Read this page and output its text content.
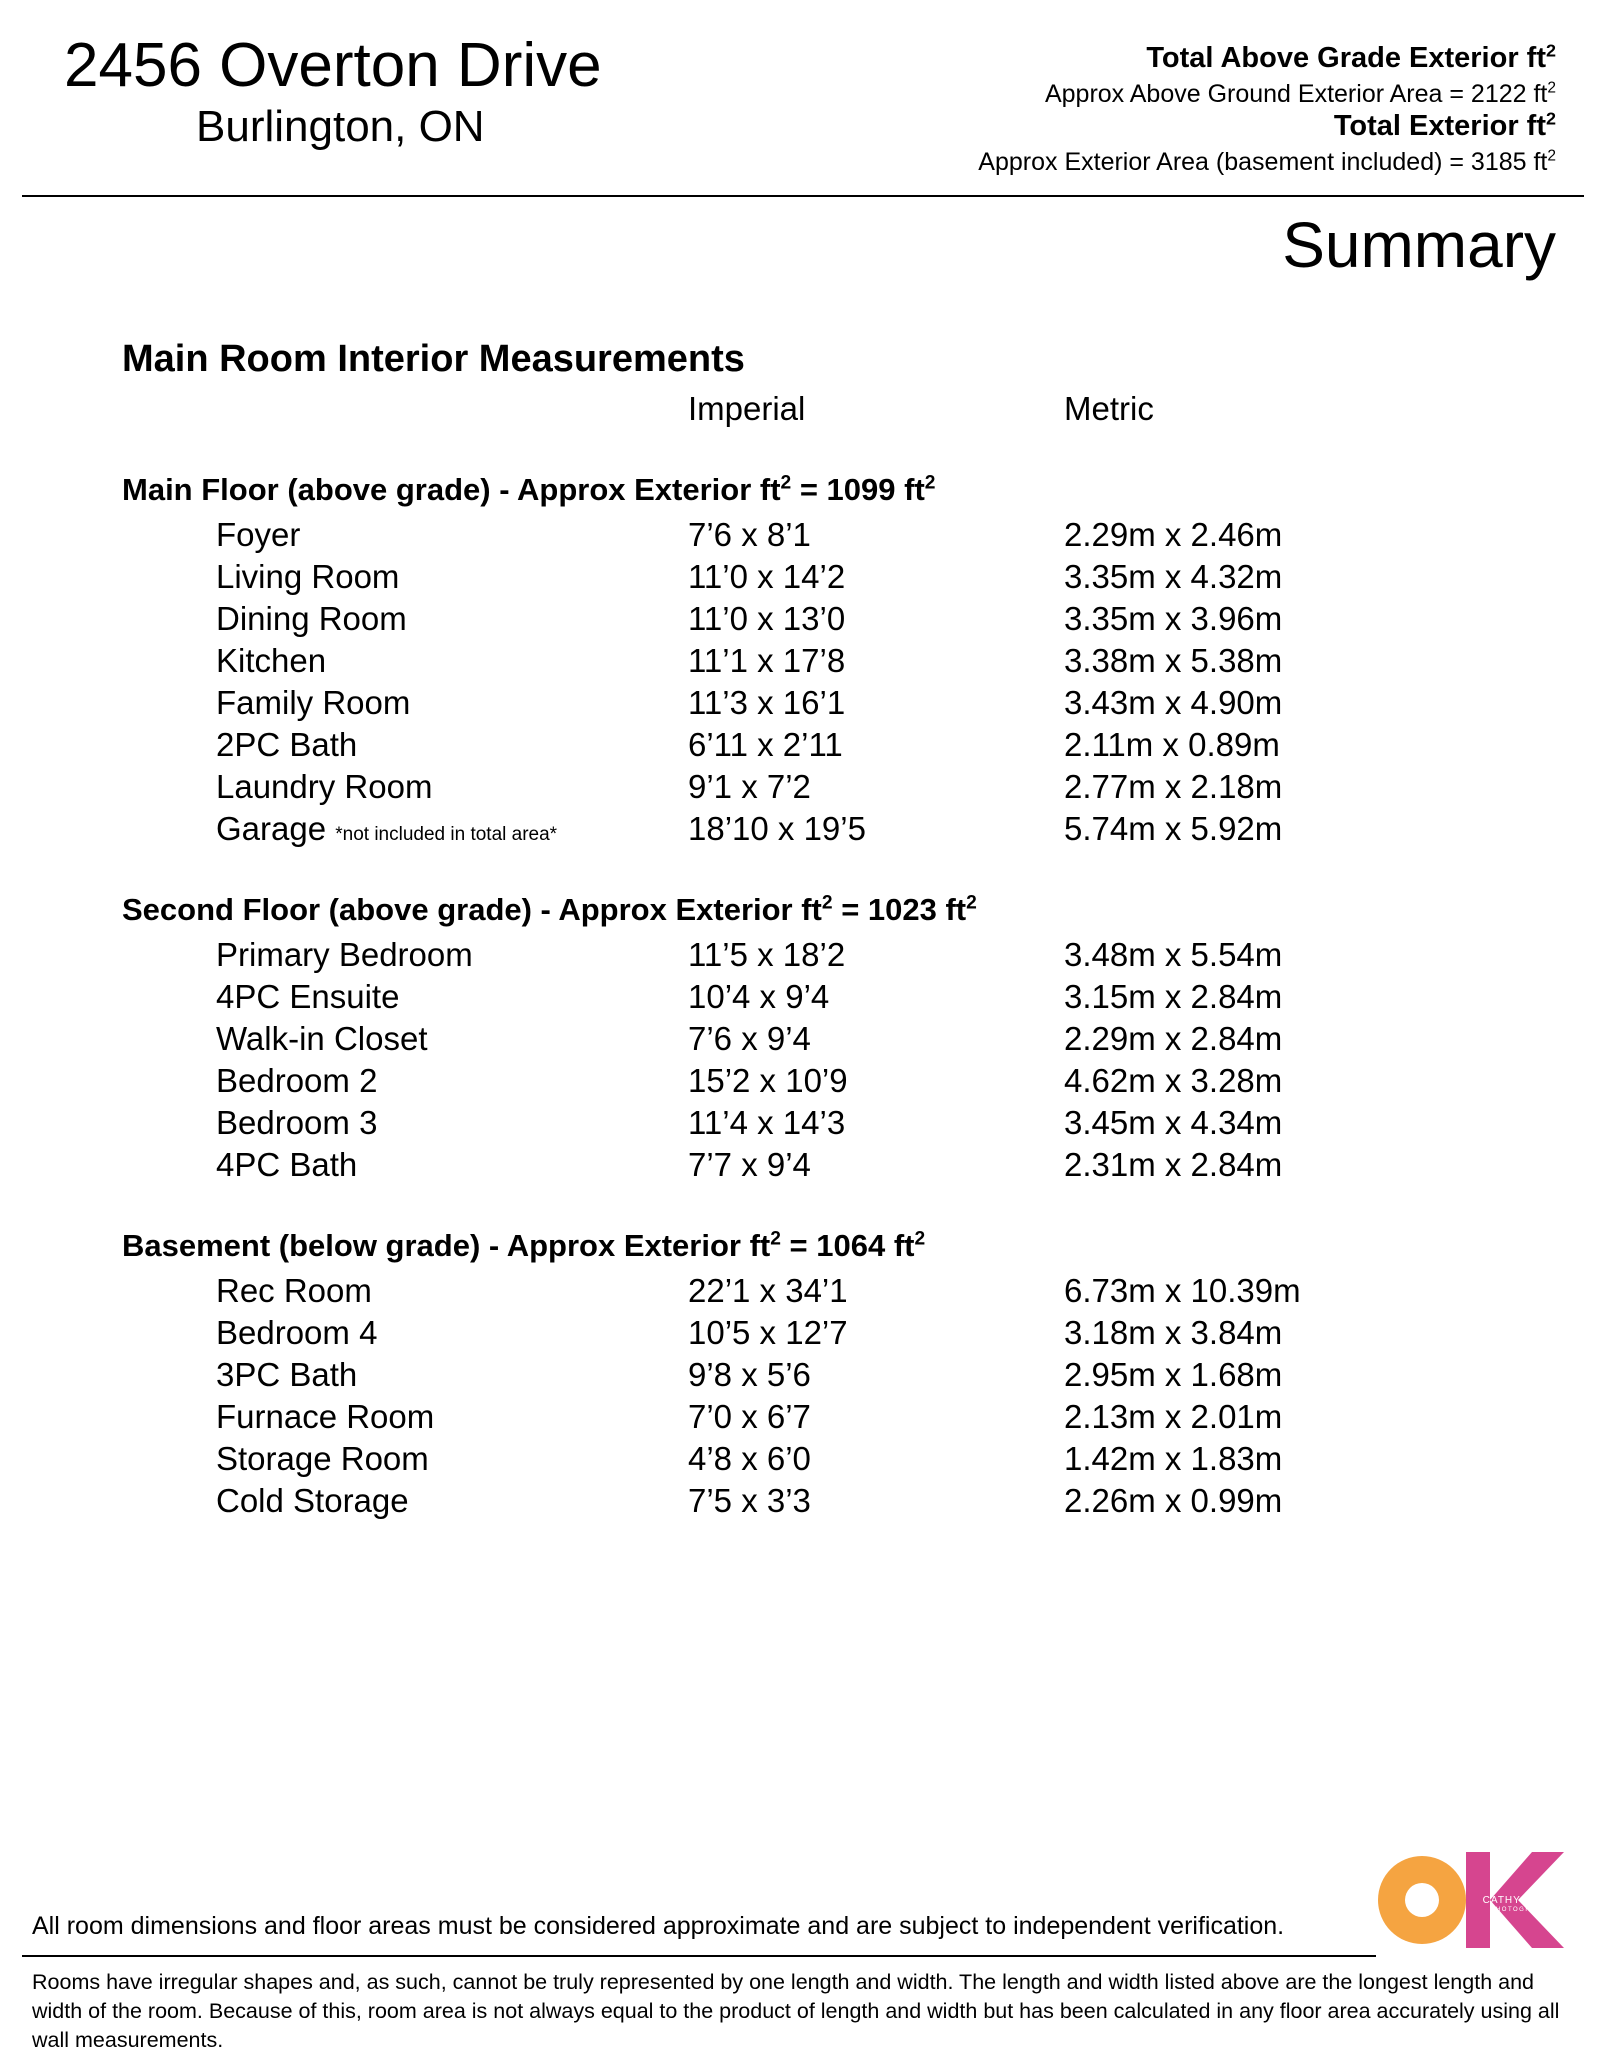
2456 Overton Drive
Burlington, ON
Total Above Grade Exterior $ft^2$
Approx Above Ground Exterior Area = 2122 $ft^2$
Total Exterior $ft^2$
Approx Exterior Area (basement included) = 3185 $ft^2$
Summary
Main Room Interior Measurements
Imperial	Metric
Main Floor (above grade) - Approx Exterior $ft^2 = 1099$ $ft^2$
Foyer	7’6 x 8’1	2.29m x 2.46m
Living Room	11’0 x 14’2	3.35m x 4.32m
Dining Room	11’0 x 13’0	3.35m x 3.96m
Kitchen	11’1 x 17’8	3.38m x 5.38m
Family Room	11’3 x 16’1	3.43m x 4.90m
2PC Bath	6’11 x 2’11	2.11m x 0.89m
Laundry Room	9’1 x 7’2	2.77m x 2.18m
Garage *not included in total area*	18’10 x 19’5	5.74m x 5.92m
Second Floor (above grade) - Approx Exterior $ft^2 = 1023$ $ft^2$
Primary Bedroom	11’5 x 18’2	3.48m x 5.54m
4PC Ensuite	10’4 x 9’4	3.15m x 2.84m
Walk-in Closet	7’6 x 9’4	2.29m x 2.84m
Bedroom 2	15’2 x 10’9	4.62m x 3.28m
Bedroom 3	11’4 x 14’3	3.45m x 4.34m
4PC Bath	7’7 x 9’4	2.31m x 2.84m
Basement (below grade) - Approx Exterior $ft^2 = 1064$ $ft^2$
Rec Room	22’1 x 34’1	6.73m x 10.39m
Bedroom 4	10’5 x 12’7	3.18m x 3.84m
3PC Bath	9’8 x 5’6	2.95m x 1.68m
Furnace Room	7’0 x 6’7	2.13m x 2.01m
Storage Room	4’8 x 6’0	1.42m x 1.83m
Cold Storage	7’5 x 3’3	2.26m x 0.99m
CATHY KOOP
PHOTOGRAPHY
All room dimensions and floor areas must be considered approximate and are subject to independent verification.
Rooms have irregular shapes and, as such, cannot be truly represented by one length and width. The length and width listed above are the longest length and width of the room. Because of this, room area is not always equal to the product of length and width but has been calculated in any floor area accurately using all wall measurements.
